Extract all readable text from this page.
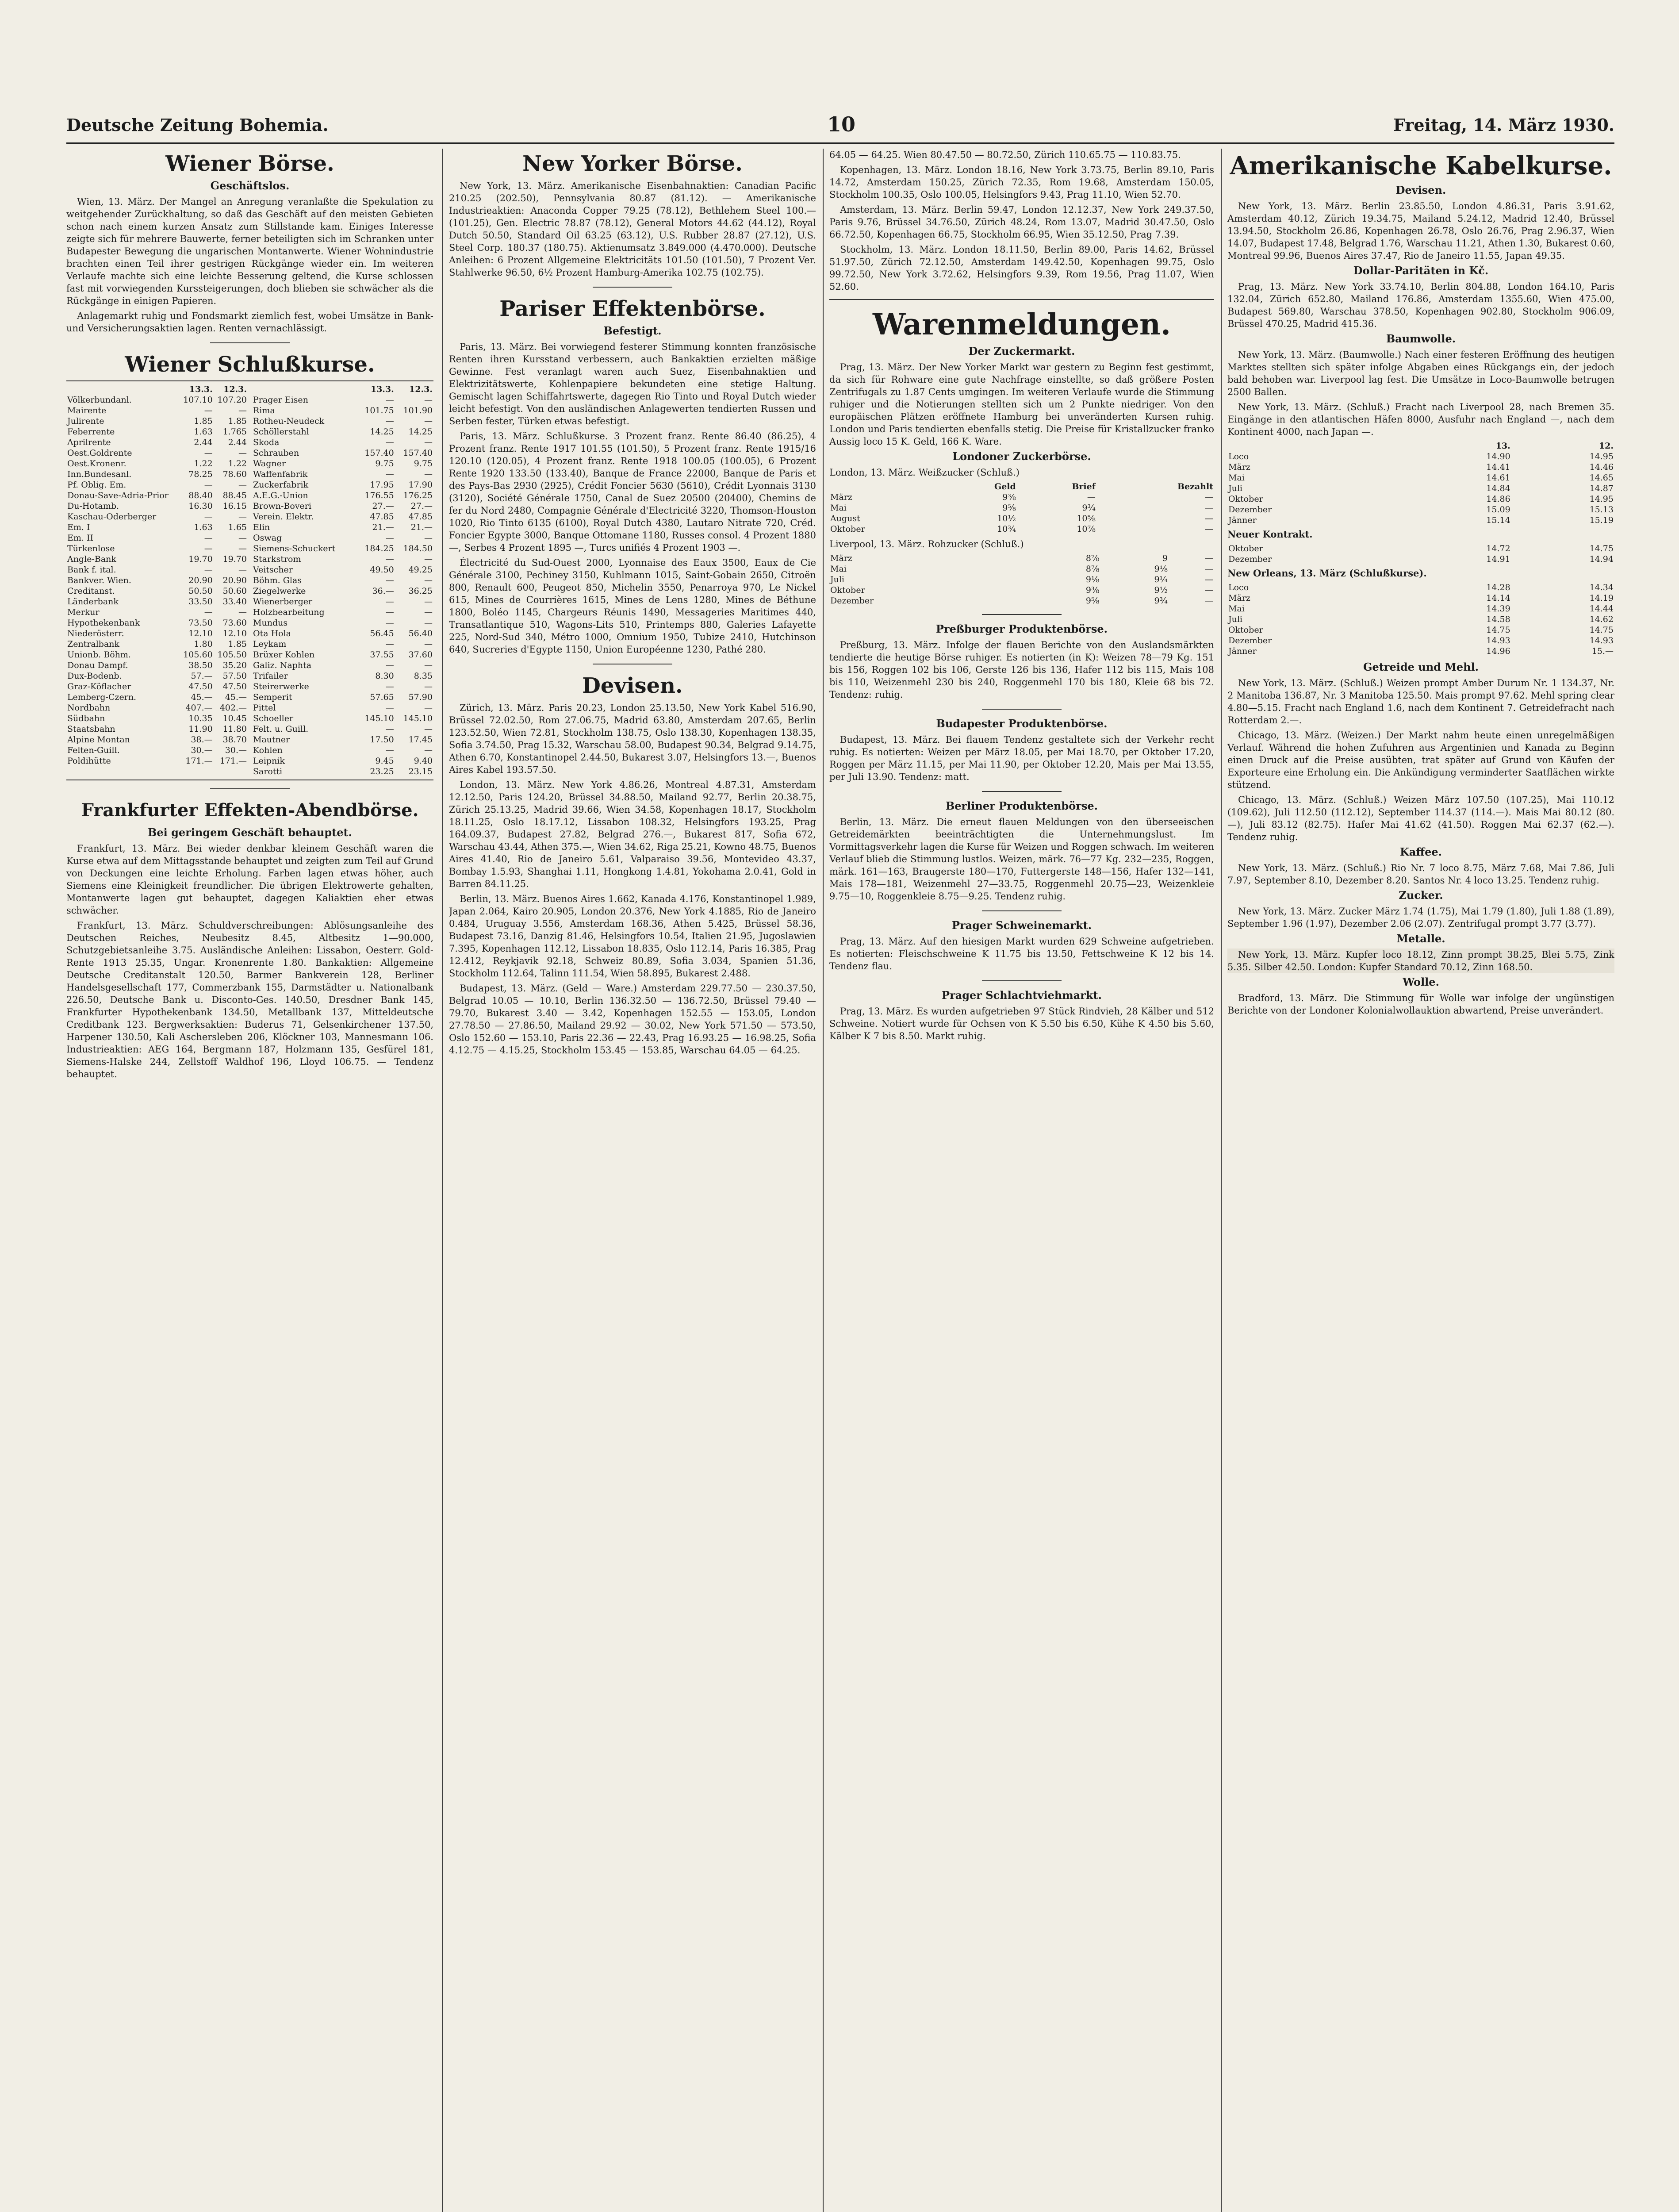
Deutsche Zeitung Bohemia.	10	Freitag, 14. März 1930.
Wiener Börse.
Geschäftslos.

Wien, 13. März. Der Mangel an Anregung veranlaßte die Spekulation zu weitgehender Zurückhaltung, so daß das Geschäft auf den meisten Gebieten schon nach einem kurzen Ansatz zum Stillstande kam. Einiges Interesse zeigte sich für mehrere Bauwerte, ferner beteiligten sich im Schranken unter Budapester Bewegung die ungarischen Montanwerte. Wiener Wohnindustrie brachten einen Teil ihrer gestrigen Rückgänge wieder ein. Im weiteren Verlaufe machte sich eine leichte Besserung geltend, die Kurse schlossen fast mit vorwiegenden Kurssteigerungen, doch blieben sie schwächer als die Rückgänge in einigen Papieren.

Anlagemarkt ruhig und Fondsmarkt ziemlich fest, wobei Umsätze in Bank- und Versicherungsaktien lagen. Renten vernachlässigt.

Wiener Schlußkurse.
	13.3.	12.3.
Völkerbundanl.	107.10	107.20
Mairente	—	—
Julirente	1.85	1.85
Feberrente	1.63	1.765
Aprilrente	2.44	2.44
Oest.Goldrente	—	—
Oest.Kronenr.	1.22	1.22
Inn.Bundesanl.	78.25	78.60
Pf. Oblig. Em.	—	—
Donau-Save-Adria-Prior	88.40	88.45
Du-Hotamb.	16.30	16.15
Kaschau-Oderberger	—	—
Em. I	1.63	1.65
Em. II	—	—
Türkenlose	—	—
Angle-Bank	19.70	19.70
Bank f. ital.	—	—
Bankver. Wien.	20.90	20.90
Creditanst.	50.50	50.60
Länderbank	33.50	33.40
Merkur	—	—
Hypothekenbank	73.50	73.60
Niederösterr.	12.10	12.10
Zentralbank	1.80	1.85
Unionb. Böhm.	105.60	105.50
Donau Dampf.	38.50	35.20
Dux-Bodenb.	57.—	57.50
Graz-Köflacher	47.50	47.50
Lemberg-Czern.	45.—	45.—
Nordbahn	407.—	402.—
Südbahn	10.35	10.45
Staatsbahn	11.90	11.80
Alpine Montan	38.—	38.70
Felten-Guill.	30.—	30.—
Poldihütte	171.—	171.—
	13.3.	12.3.
Prager Eisen	—	—
Rima	101.75	101.90
Rotheu-Neudeck	—	—
Schöllerstahl	14.25	14.25
Skoda	—	—
Schrauben	157.40	157.40
Wagner	9.75	9.75
Waffenfabrik	—	—
Zuckerfabrik	17.95	17.90
A.E.G.-Union	176.55	176.25
Brown-Boveri	27.—	27.—
Verein. Elektr.	47.85	47.85
Elin	21.—	21.—
Oswag	—	—
Siemens-Schuckert	184.25	184.50
Starkstrom	—	—
Veitscher	49.50	49.25
Böhm. Glas	—	—
Ziegelwerke	36.—	36.25
Wienerberger	—	—
Holzbearbeitung	—	—
Mundus	—	—
Ota Hola	56.45	56.40
Leykam	—	—
Brüxer Kohlen	37.55	37.60
Galiz. Naphta	—	—
Trifailer	8.30	8.35
Steirerwerke	—	—
Semperit	57.65	57.90
Pittel	—	—
Schoeller	145.10	145.10
Felt. u. Guill.	—	—
Mautner	17.50	17.45
Kohlen	—	—
Leipnik	9.45	9.40
Sarotti	23.25	23.15
Frankfurter Effekten-Abendbörse.
Bei geringem Geschäft behauptet.

Frankfurt, 13. März. Bei wieder denkbar kleinem Geschäft waren die Kurse etwa auf dem Mittagsstande behauptet und zeigten zum Teil auf Grund von Deckungen eine leichte Erholung. Farben lagen etwas höher, auch Siemens eine Kleinigkeit freundlicher. Die übrigen Elektrowerte gehalten, Montanwerte lagen gut behauptet, dagegen Kaliaktien eher etwas schwächer.

Frankfurt, 13. März. Schuldverschreibungen: Ablösungsanleihe des Deutschen Reiches, Neubesitz 8.45, Altbesitz 1—90.000, Schutzgebietsanleihe 3.75. Ausländische Anleihen: Lissabon, Oesterr. Gold-Rente 1913 25.35, Ungar. Kronenrente 1.80. Bankaktien: Allgemeine Deutsche Creditanstalt 120.50, Barmer Bankverein 128, Berliner Handelsgesellschaft 177, Commerzbank 155, Darmstädter u. Nationalbank 226.50, Deutsche Bank u. Disconto-Ges. 140.50, Dresdner Bank 145, Frankfurter Hypothekenbank 134.50, Metallbank 137, Mitteldeutsche Creditbank 123. Bergwerksaktien: Buderus 71, Gelsenkirchener 137.50, Harpener 130.50, Kali Aschersleben 206, Klöckner 103, Mannesmann 106. Industrieaktien: AEG 164, Bergmann 187, Holzmann 135, Gesfürel 181, Siemens-Halske 244, Zellstoff Waldhof 196, Lloyd 106.75. — Tendenz behauptet.

New Yorker Börse.

New York, 13. März. Amerikanische Eisenbahnaktien: Canadian Pacific 210.25 (202.50), Pennsylvania 80.87 (81.12). — Amerikanische Industrieaktien: Anaconda Copper 79.25 (78.12), Bethlehem Steel 100.— (101.25), Gen. Electric 78.87 (78.12), General Motors 44.62 (44.12), Royal Dutch 50.50, Standard Oil 63.25 (63.12), U.S. Rubber 28.87 (27.12), U.S. Steel Corp. 180.37 (180.75). Aktienumsatz 3.849.000 (4.470.000). Deutsche Anleihen: 6 Prozent Allgemeine Elektricitäts 101.50 (101.50), 7 Prozent Ver. Stahlwerke 96.50, 6½ Prozent Hamburg-Amerika 102.75 (102.75).

Pariser Effektenbörse.
Befestigt.

Paris, 13. März. Bei vorwiegend festerer Stimmung konnten französische Renten ihren Kursstand verbessern, auch Bankaktien erzielten mäßige Gewinne. Fest veranlagt waren auch Suez, Eisenbahnaktien und Elektrizitätswerte, Kohlenpapiere bekundeten eine stetige Haltung. Gemischt lagen Schiffahrtswerte, dagegen Rio Tinto und Royal Dutch wieder leicht befestigt. Von den ausländischen Anlagewerten tendierten Russen und Serben fester, Türken etwas befestigt.

Paris, 13. März. Schlußkurse. 3 Prozent franz. Rente 86.40 (86.25), 4 Prozent franz. Rente 1917 101.55 (101.50), 5 Prozent franz. Rente 1915/16 120.10 (120.05), 4 Prozent franz. Rente 1918 100.05 (100.05), 6 Prozent Rente 1920 133.50 (133.40), Banque de France 22000, Banque de Paris et des Pays-Bas 2930 (2925), Crédit Foncier 5630 (5610), Crédit Lyonnais 3130 (3120), Société Générale 1750, Canal de Suez 20500 (20400), Chemins de fer du Nord 2480, Compagnie Générale d'Electricité 3220, Thomson-Houston 1020, Rio Tinto 6135 (6100), Royal Dutch 4380, Lautaro Nitrate 720, Créd. Foncier Egypte 3000, Banque Ottomane 1180, Russes consol. 4 Prozent 1880 —, Serbes 4 Prozent 1895 —, Turcs unifiés 4 Prozent 1903 —.

Électricité du Sud-Ouest 2000, Lyonnaise des Eaux 3500, Eaux de Cie Générale 3100, Pechiney 3150, Kuhlmann 1015, Saint-Gobain 2650, Citroën 800, Renault 600, Peugeot 850, Michelin 3550, Penarroya 970, Le Nickel 615, Mines de Courrières 1615, Mines de Lens 1280, Mines de Béthune 1800, Boléo 1145, Chargeurs Réunis 1490, Messageries Maritimes 440, Transatlantique 510, Wagons-Lits 510, Printemps 880, Galeries Lafayette 225, Nord-Sud 340, Métro 1000, Omnium 1950, Tubize 2410, Hutchinson 640, Sucreries d'Egypte 1150, Union Européenne 1230, Pathé 280.

Devisen.

Zürich, 13. März. Paris 20.23, London 25.13.50, New York Kabel 516.90, Brüssel 72.02.50, Rom 27.06.75, Madrid 63.80, Amsterdam 207.65, Berlin 123.52.50, Wien 72.81, Stockholm 138.75, Oslo 138.30, Kopenhagen 138.35, Sofia 3.74.50, Prag 15.32, Warschau 58.00, Budapest 90.34, Belgrad 9.14.75, Athen 6.70, Konstantinopel 2.44.50, Bukarest 3.07, Helsingfors 13.—, Buenos Aires Kabel 193.57.50.

London, 13. März. New York 4.86.26, Montreal 4.87.31, Amsterdam 12.12.50, Paris 124.20, Brüssel 34.88.50, Mailand 92.77, Berlin 20.38.75, Zürich 25.13.25, Madrid 39.66, Wien 34.58, Kopenhagen 18.17, Stockholm 18.11.25, Oslo 18.17.12, Lissabon 108.32, Helsingfors 193.25, Prag 164.09.37, Budapest 27.82, Belgrad 276.—, Bukarest 817, Sofia 672, Warschau 43.44, Athen 375.—, Wien 34.62, Riga 25.21, Kowno 48.75, Buenos Aires 41.40, Rio de Janeiro 5.61, Valparaiso 39.56, Montevideo 43.37, Bombay 1.5.93, Shanghai 1.11, Hongkong 1.4.81, Yokohama 2.0.41, Gold in Barren 84.11.25.

Berlin, 13. März. Buenos Aires 1.662, Kanada 4.176, Konstantinopel 1.989, Japan 2.064, Kairo 20.905, London 20.376, New York 4.1885, Rio de Janeiro 0.484, Uruguay 3.556, Amsterdam 168.36, Athen 5.425, Brüssel 58.36, Budapest 73.16, Danzig 81.46, Helsingfors 10.54, Italien 21.95, Jugoslawien 7.395, Kopenhagen 112.12, Lissabon 18.835, Oslo 112.14, Paris 16.385, Prag 12.412, Reykjavik 92.18, Schweiz 80.89, Sofia 3.034, Spanien 51.36, Stockholm 112.64, Talinn 111.54, Wien 58.895, Bukarest 2.488.

Budapest, 13. März. (Geld — Ware.) Amsterdam 229.77.50 — 230.37.50, Belgrad 10.05 — 10.10, Berlin 136.32.50 — 136.72.50, Brüssel 79.40 — 79.70, Bukarest 3.40 — 3.42, Kopenhagen 152.55 — 153.05, London 27.78.50 — 27.86.50, Mailand 29.92 — 30.02, New York 571.50 — 573.50, Oslo 152.60 — 153.10, Paris 22.36 — 22.43, Prag 16.93.25 — 16.98.25, Sofia 4.12.75 — 4.15.25, Stockholm 153.45 — 153.85, Warschau 64.05 — 64.25.

64.05 — 64.25. Wien 80.47.50 — 80.72.50, Zürich 110.65.75 — 110.83.75.

Kopenhagen, 13. März. London 18.16, New York 3.73.75, Berlin 89.10, Paris 14.72, Amsterdam 150.25, Zürich 72.35, Rom 19.68, Amsterdam 150.05, Stockholm 100.35, Oslo 100.05, Helsingfors 9.43, Prag 11.10, Wien 52.70.

Amsterdam, 13. März. Berlin 59.47, London 12.12.37, New York 249.37.50, Paris 9.76, Brüssel 34.76.50, Zürich 48.24, Rom 13.07, Madrid 30.47.50, Oslo 66.72.50, Kopenhagen 66.75, Stockholm 66.95, Wien 35.12.50, Prag 7.39.

Stockholm, 13. März. London 18.11.50, Berlin 89.00, Paris 14.62, Brüssel 51.97.50, Zürich 72.12.50, Amsterdam 149.42.50, Kopenhagen 99.75, Oslo 99.72.50, New York 3.72.62, Helsingfors 9.39, Rom 19.56, Prag 11.07, Wien 52.60.

Warenmeldungen.
Der Zuckermarkt.

Prag, 13. März. Der New Yorker Markt war gestern zu Beginn fest gestimmt, da sich für Rohware eine gute Nachfrage einstellte, so daß größere Posten Zentrifugals zu 1.87 Cents umgingen. Im weiteren Verlaufe wurde die Stimmung ruhiger und die Notierungen stellten sich um 2 Punkte niedriger. Von den europäischen Plätzen eröffnete Hamburg bei unveränderten Kursen ruhig. London und Paris tendierten ebenfalls stetig. Die Preise für Kristallzucker franko Aussig loco 15 K. Geld, 166 K. Ware.

Londoner Zuckerbörse.

London, 13. März. Weißzucker (Schluß.)

	Geld	Brief	Bezahlt
März	9⅜	—	—
Mai	9⅝	9¾	—
August	10½	10⅝	—
Oktober	10¾	10⅞	—

Liverpool, 13. März. Rohzucker (Schluß.)

März	8⅞	9	—
Mai	8⅞	9⅛	—
Juli	9⅛	9¼	—
Oktober	9⅜	9½	—
Dezember	9⅝	9¾	—
Preßburger Produktenbörse.

Preßburg, 13. März. Infolge der flauen Berichte von den Auslandsmärkten tendierte die heutige Börse ruhiger. Es notierten (in K): Weizen 78—79 Kg. 151 bis 156, Roggen 102 bis 106, Gerste 126 bis 136, Hafer 112 bis 115, Mais 108 bis 110, Weizenmehl 230 bis 240, Roggenmehl 170 bis 180, Kleie 68 bis 72. Tendenz: ruhig.

Budapester Produktenbörse.

Budapest, 13. März. Bei flauem Tendenz gestaltete sich der Verkehr recht ruhig. Es notierten: Weizen per März 18.05, per Mai 18.70, per Oktober 17.20, Roggen per März 11.15, per Mai 11.90, per Oktober 12.20, Mais per Mai 13.55, per Juli 13.90. Tendenz: matt.

Berliner Produktenbörse.

Berlin, 13. März. Die erneut flauen Meldungen von den überseeischen Getreidemärkten beeinträchtigten die Unternehmungslust. Im Vormittagsverkehr lagen die Kurse für Weizen und Roggen schwach. Im weiteren Verlauf blieb die Stimmung lustlos. Weizen, märk. 76—77 Kg. 232—235, Roggen, märk. 161—163, Braugerste 180—170, Futtergerste 148—156, Hafer 132—141, Mais 178—181, Weizenmehl 27—33.75, Roggenmehl 20.75—23, Weizenkleie 9.75—10, Roggenkleie 8.75—9.25. Tendenz ruhig.

Prager Schweinemarkt.

Prag, 13. März. Auf den hiesigen Markt wurden 629 Schweine aufgetrieben. Es notierten: Fleischschweine K 11.75 bis 13.50, Fettschweine K 12 bis 14. Tendenz flau.

Prager Schlachtviehmarkt.

Prag, 13. März. Es wurden aufgetrieben 97 Stück Rindvieh, 28 Kälber und 512 Schweine. Notiert wurde für Ochsen von K 5.50 bis 6.50, Kühe K 4.50 bis 5.60, Kälber K 7 bis 8.50. Markt ruhig.

Amerikanische Kabelkurse.
Devisen.

New York, 13. März. Berlin 23.85.50, London 4.86.31, Paris 3.91.62, Amsterdam 40.12, Zürich 19.34.75, Mailand 5.24.12, Madrid 12.40, Brüssel 13.94.50, Stockholm 26.86, Kopenhagen 26.78, Oslo 26.76, Prag 2.96.37, Wien 14.07, Budapest 17.48, Belgrad 1.76, Warschau 11.21, Athen 1.30, Bukarest 0.60, Montreal 99.96, Buenos Aires 37.47, Rio de Janeiro 11.55, Japan 49.35.

Dollar-Paritäten in Kč.

Prag, 13. März. New York 33.74.10, Berlin 804.88, London 164.10, Paris 132.04, Zürich 652.80, Mailand 176.86, Amsterdam 1355.60, Wien 475.00, Budapest 569.80, Warschau 378.50, Kopenhagen 902.80, Stockholm 906.09, Brüssel 470.25, Madrid 415.36.

Baumwolle.

New York, 13. März. (Baumwolle.) Nach einer festeren Eröffnung des heutigen Marktes stellten sich später infolge Abgaben eines Rückgangs ein, der jedoch bald behoben war. Liverpool lag fest. Die Umsätze in Loco-Baumwolle betrugen 2500 Ballen.

New York, 13. März. (Schluß.) Fracht nach Liverpool 28, nach Bremen 35. Eingänge in den atlantischen Häfen 8000, Ausfuhr nach England —, nach dem Kontinent 4000, nach Japan —.

	13.	12.
Loco	14.90	14.95
März	14.41	14.46
Mai	14.61	14.65
Juli	14.84	14.87
Oktober	14.86	14.95
Dezember	15.09	15.13
Jänner	15.14	15.19

Neuer Kontrakt.

Oktober	14.72	14.75
Dezember	14.91	14.94

New Orleans, 13. März (Schlußkurse).

Loco	14.28	14.34
März	14.14	14.19
Mai	14.39	14.44
Juli	14.58	14.62
Oktober	14.75	14.75
Dezember	14.93	14.93
Jänner	14.96	15.—
Getreide und Mehl.

New York, 13. März. (Schluß.) Weizen prompt Amber Durum Nr. 1 134.37, Nr. 2 Manitoba 136.87, Nr. 3 Manitoba 125.50. Mais prompt 97.62. Mehl spring clear 4.80—5.15. Fracht nach England 1.6, nach dem Kontinent 7. Getreidefracht nach Rotterdam 2.—.

Chicago, 13. März. (Weizen.) Der Markt nahm heute einen unregelmäßigen Verlauf. Während die hohen Zufuhren aus Argentinien und Kanada zu Beginn einen Druck auf die Preise ausübten, trat später auf Grund von Käufen der Exporteure eine Erholung ein. Die Ankündigung verminderter Saatflächen wirkte stützend.

Chicago, 13. März. (Schluß.) Weizen März 107.50 (107.25), Mai 110.12 (109.62), Juli 112.50 (112.12), September 114.37 (114.—). Mais Mai 80.12 (80.—), Juli 83.12 (82.75). Hafer Mai 41.62 (41.50). Roggen Mai 62.37 (62.—). Tendenz ruhig.

Kaffee.

New York, 13. März. (Schluß.) Rio Nr. 7 loco 8.75, März 7.68, Mai 7.86, Juli 7.97, September 8.10, Dezember 8.20. Santos Nr. 4 loco 13.25. Tendenz ruhig.

Zucker.

New York, 13. März. Zucker März 1.74 (1.75), Mai 1.79 (1.80), Juli 1.88 (1.89), September 1.96 (1.97), Dezember 2.06 (2.07). Zentrifugal prompt 3.77 (3.77).

Metalle.

New York, 13. März. Kupfer loco 18.12, Zinn prompt 38.25, Blei 5.75, Zink 5.35. Silber 42.50. London: Kupfer Standard 70.12, Zinn 168.50.

Wolle.

Bradford, 13. März. Die Stimmung für Wolle war infolge der ungünstigen Berichte von der Londoner Kolonialwollauktion abwartend, Preise unverändert.
